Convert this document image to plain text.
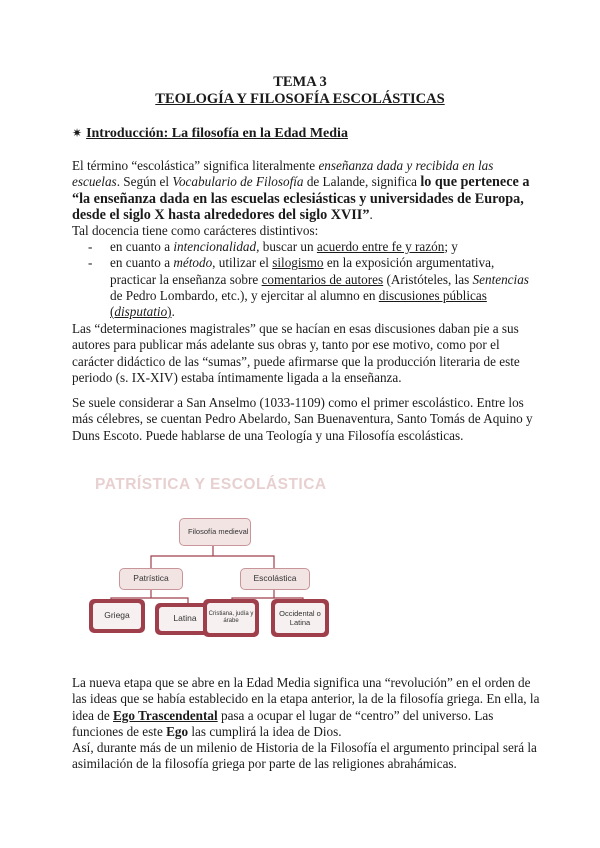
TEMA 3
TEOLOGÍA Y FILOSOFÍA ESCOLÁSTICAS
✷ Introducción: La filosofía en la Edad Media
El término “escolástica” significa literalmente enseñanza dada y recibida en las escuelas. Según el Vocabulario de Filosofía de Lalande, significa lo que pertenece a “la enseñanza dada en las escuelas eclesiásticas y universidades de Europa, desde el siglo X hasta alrededores del siglo XVII”.
Tal docencia tiene como carácteres distintivos:
- en cuanto a intencionalidad, buscar un acuerdo entre fe y razón; y
- en cuanto a método, utilizar el silogismo en la exposición argumentativa, practicar la enseñanza sobre comentarios de autores (Aristóteles, las Sentencias de Pedro Lombardo, etc.), y ejercitar al alumno en discusiones públicas (disputatio).
Las “determinaciones magistrales” que se hacían en esas discusiones daban pie a sus autores para publicar más adelante sus obras y, tanto por ese motivo, como por el carácter didáctico de las “sumas”, puede afirmarse que la producción literaria de este periodo (s. IX-XIV) estaba íntimamente ligada a la enseñanza.
Se suele considerar a San Anselmo (1033-1109) como el primer escolástico. Entre los más célebres, se cuentan Pedro Abelardo, San Buenaventura, Santo Tomás de Aquino y Duns Escoto. Puede hablarse de una Teología y una Filosofía escolásticas.
PATRÍSTICA Y ESCOLÁSTICA
Filosofía medieval
Patrística	Escolástica
Griega	Latina Cristiana, judía y árabe
Occidental o Latina
La nueva etapa que se abre en la Edad Media significa una “revolución” en el orden de las ideas que se había establecido en la etapa anterior, la de la filosofía griega. En ella, la idea de Ego Trascendental pasa a ocupar el lugar de “centro” del universo. Las funciones de este Ego las cumplirá la idea de Dios.
Así, durante más de un milenio de Historia de la Filosofía el argumento principal será la asimilación de la filosofía griega por parte de las religiones abrahámicas.
